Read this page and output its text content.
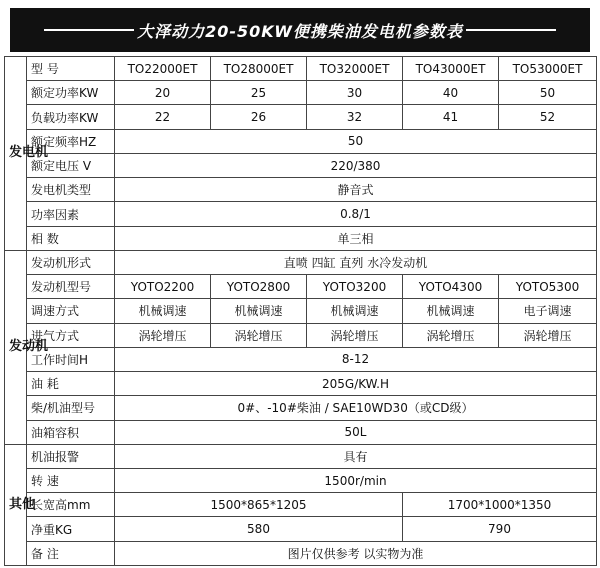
大泽动力20-50KW便携柴油发电机参数表
发电机	型 号	TO22000ET	TO28000ET	TO32000ET	TO43000ET	TO53000ET
	额定功率KW	20	25	30	40	50
	负载功率KW	22	26	32	41	52
	额定频率HZ	50				
	额定电压 V	220/380				
	发电机类型	静音式				
	功率因素	0.8/1				
	相 数	单三相				
发动机	发动机形式	直喷 四缸 直列 水冷发动机				
	发动机型号	YOTO2200	YOTO2800	YOTO3200	YOTO4300	YOTO5300
	调速方式	机械调速	机械调速	机械调速	机械调速	电子调速
	进气方式	涡轮增压	涡轮增压	涡轮增压	涡轮增压	涡轮增压
	工作时间H	8-12				
	油 耗	205G/KW.H				
	柴/机油型号	0#、-10#柴油 / SAE10WD30（或CD级）				
	油箱容积	50L				
其他	机油报警	具有				
	转 速	1500r/min				
	长宽高mm	1500*865*1205			1700*1000*1350	
	净重KG	580			790	
	备 注	图片仅供参考 以实物为准				
